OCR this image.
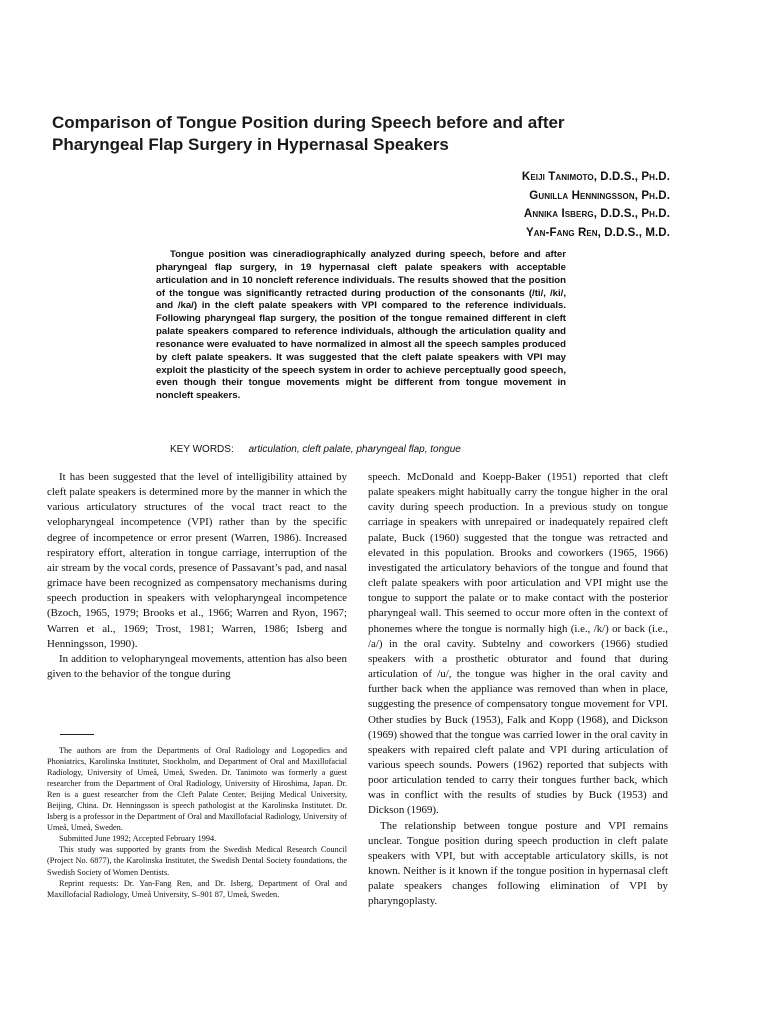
Comparison of Tongue Position during Speech before and after
Pharyngeal Flap Surgery in Hypernasal Speakers
Keiji Tanimoto, D.D.S., Ph.D.
Gunilla Henningsson, Ph.D.
Annika Isberg, D.D.S., Ph.D.
Yan-Fang Ren, D.D.S., M.D.
Tongue position was cineradiographically analyzed during speech, before and after pharyngeal flap surgery, in 19 hypernasal cleft palate speakers with acceptable articulation and in 10 noncleft reference individuals. The results showed that the position of the tongue was significantly retracted during production of the consonants (/ti/, /ki/, and /ka/) in the cleft palate speakers with VPI compared to the reference individuals. Following pharyngeal flap surgery, the position of the tongue remained different in cleft palate speakers compared to reference individuals, although the articulation quality and resonance were evaluated to have normalized in almost all the speech samples produced by cleft palate speakers. It was suggested that the cleft palate speakers with VPI may exploit the plasticity of the speech system in order to achieve perceptually good speech, even though their tongue movements might be different from tongue movement in noncleft speakers.
KEY WORDS: articulation, cleft palate, pharyngeal flap, tongue

It has been suggested that the level of intelligibility attained by cleft palate speakers is determined more by the manner in which the various articulatory structures of the vocal tract react to the velopharyngeal incompetence (VPI) rather than by the specific degree of incompetence or error present (Warren, 1986). Increased respiratory effort, alteration in tongue carriage, interruption of the air stream by the vocal cords, presence of Passavant’s pad, and nasal grimace have been recognized as compensatory mechanisms during speech production in speakers with velopharyngeal incompetence (Bzoch, 1965, 1979; Brooks et al., 1966; Warren and Ryon, 1967; Warren et al., 1969; Trost, 1981; Warren, 1986; Isberg and Henningsson, 1990).

In addition to velopharyngeal movements, attention has also been given to the behavior of the tongue during

The authors are from the Departments of Oral Radiology and Logopedics and Phoniatrics, Karolinska Institutet, Stockholm, and Department of Oral and Maxillofacial Radiology, University of Umeå, Umeå, Sweden. Dr. Tanimoto was formerly a guest researcher from the Department of Oral Radiology, University of Hiroshima, Japan. Dr. Ren is a guest researcher from the Cleft Palate Center, Beijing Medical University, Beijing, China. Dr. Henningsson is speech pathologist at the Karolinska Institutet. Dr. Isberg is a professor in the Department of Oral and Maxillofacial Radiology, University of Umeå, Umeå, Sweden.

Submitted June 1992; Accepted February 1994.

This study was supported by grants from the Swedish Medical Research Council (Project No. 6877), the Karolinska Institutet, the Swedish Dental Society foundations, the Swedish Society of Women Dentists.

Reprint requests: Dr. Yan-Fang Ren, and Dr. Isberg, Department of Oral and Maxillofacial Radiology, Umeå University, S–901 87, Umeå, Sweden.

speech. McDonald and Koepp-Baker (1951) reported that cleft palate speakers might habitually carry the tongue higher in the oral cavity during speech production. In a previous study on tongue carriage in speakers with unrepaired or inadequately repaired cleft palate, Buck (1960) suggested that the tongue was retracted and elevated in this population. Brooks and coworkers (1965, 1966) investigated the articulatory behaviors of the tongue and found that cleft palate speakers with poor articulation and VPI might use the tongue to support the palate or to make contact with the posterior pharyngeal wall. This seemed to occur more often in the context of phonemes where the tongue is normally high (i.e., /k/) or back (i.e., /a/) in the oral cavity. Subtelny and coworkers (1966) studied speakers with a prosthetic obturator and found that during articulation of /u/, the tongue was higher in the oral cavity and further back when the appliance was removed than when in place, suggesting the presence of compensatory tongue movement for VPI. Other studies by Buck (1953), Falk and Kopp (1968), and Dickson (1969) showed that the tongue was carried lower in the oral cavity in speakers with repaired cleft palate and VPI during articulation of various speech sounds. Powers (1962) reported that subjects with poor articulation tended to carry their tongues further back, which was in conflict with the results of studies by Buck (1953) and Dickson (1969).

The relationship between tongue posture and VPI remains unclear. Tongue position during speech production in cleft palate speakers with VPI, but with acceptable articulatory skills, is not known. Neither is it known if the tongue position in hypernasal cleft palate speakers changes following elimination of VPI by pharyngoplasty.
